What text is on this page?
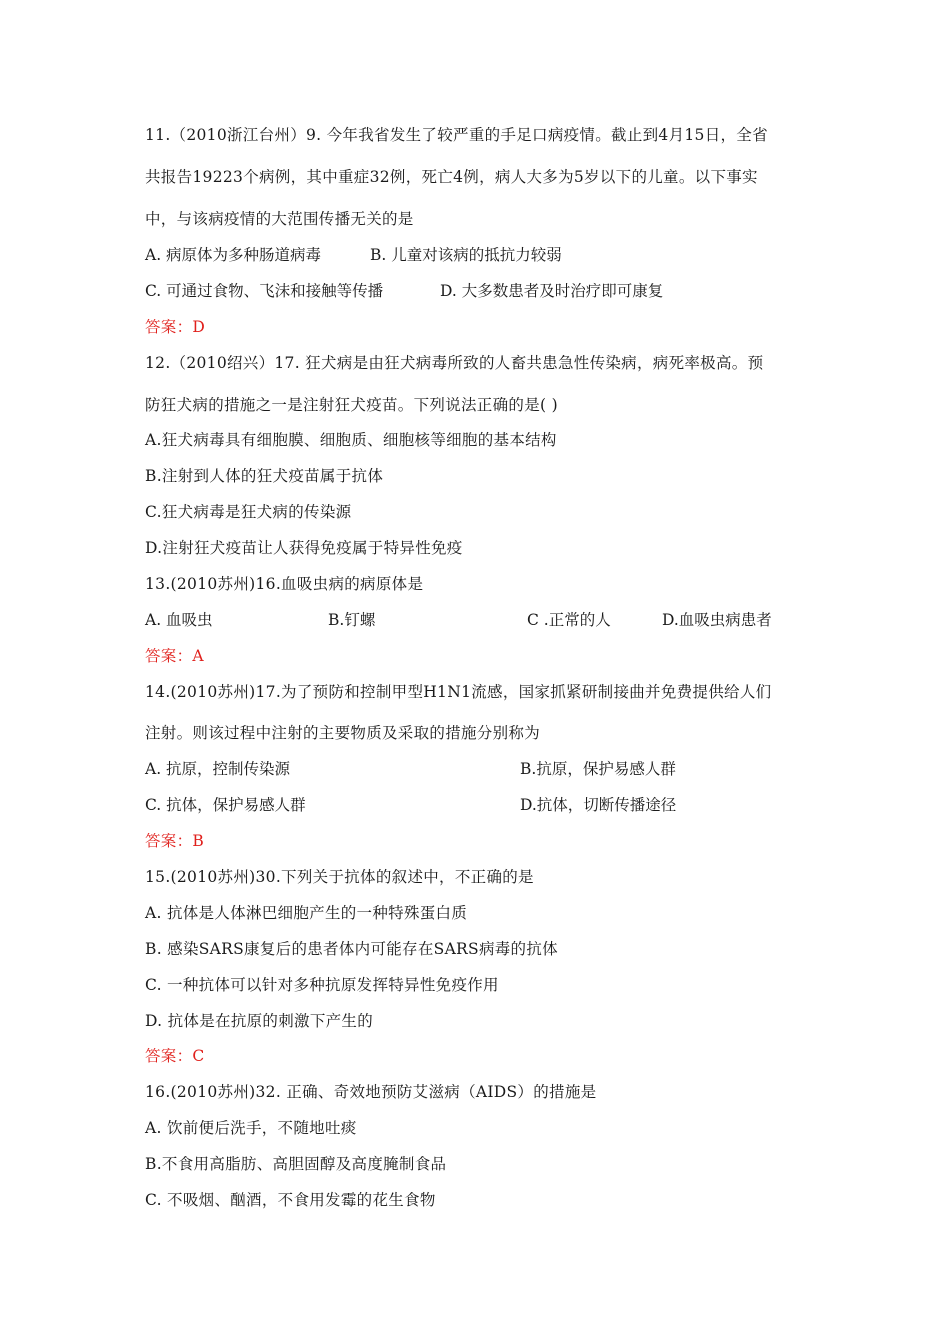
11.（2010浙江台州）9. 今年我省发生了较严重的手足口病疫情。截止到4月15日，全省
共报告19223个病例，其中重症32例，死亡4例，病人大多为5岁以下的儿童。以下事实
中，与该病疫情的大范围传播无关的是
A. 病原体为多种肠道病毒	B. 儿童对该病的抵抗力较弱
C. 可通过食物、飞沫和接触等传播	D. 大多数患者及时治疗即可康复
答案：D
12.（2010绍兴）17. 狂犬病是由狂犬病毒所致的人畜共患急性传染病，病死率极高。预
防狂犬病的措施之一是注射狂犬疫苗。下列说法正确的是( )
A.狂犬病毒具有细胞膜、细胞质、细胞核等细胞的基本结构
B.注射到人体的狂犬疫苗属于抗体
C.狂犬病毒是狂犬病的传染源
D.注射狂犬疫苗让人获得免疫属于特异性免疫
13.(2010苏州)16.血吸虫病的病原体是
A. 血吸虫	B.钉螺	C .正常的人	D.血吸虫病患者
答案：A
14.(2010苏州)17.为了预防和控制甲型H1N1流感，国家抓紧研制接曲并免费提供给人们
注射。则该过程中注射的主要物质及采取的措施分别称为
A. 抗原，控制传染源	B.抗原，保护易感人群
C. 抗体，保护易感人群	D.抗体，切断传播途径
答案：B
15.(2010苏州)30.下列关于抗体的叙述中，不正确的是
A. 抗体是人体淋巴细胞产生的一种特殊蛋白质
B. 感染SARS康复后的患者体内可能存在SARS病毒的抗体
C. 一种抗体可以针对多种抗原发挥特异性免疫作用
D. 抗体是在抗原的刺激下产生的
答案：C
16.(2010苏州)32. 正确、奇效地预防艾滋病（AIDS）的措施是
A. 饮前便后洗手，不随地吐痰
B.不食用高脂肪、高胆固醇及高度腌制食品
C. 不吸烟、酗酒，不食用发霉的花生食物
